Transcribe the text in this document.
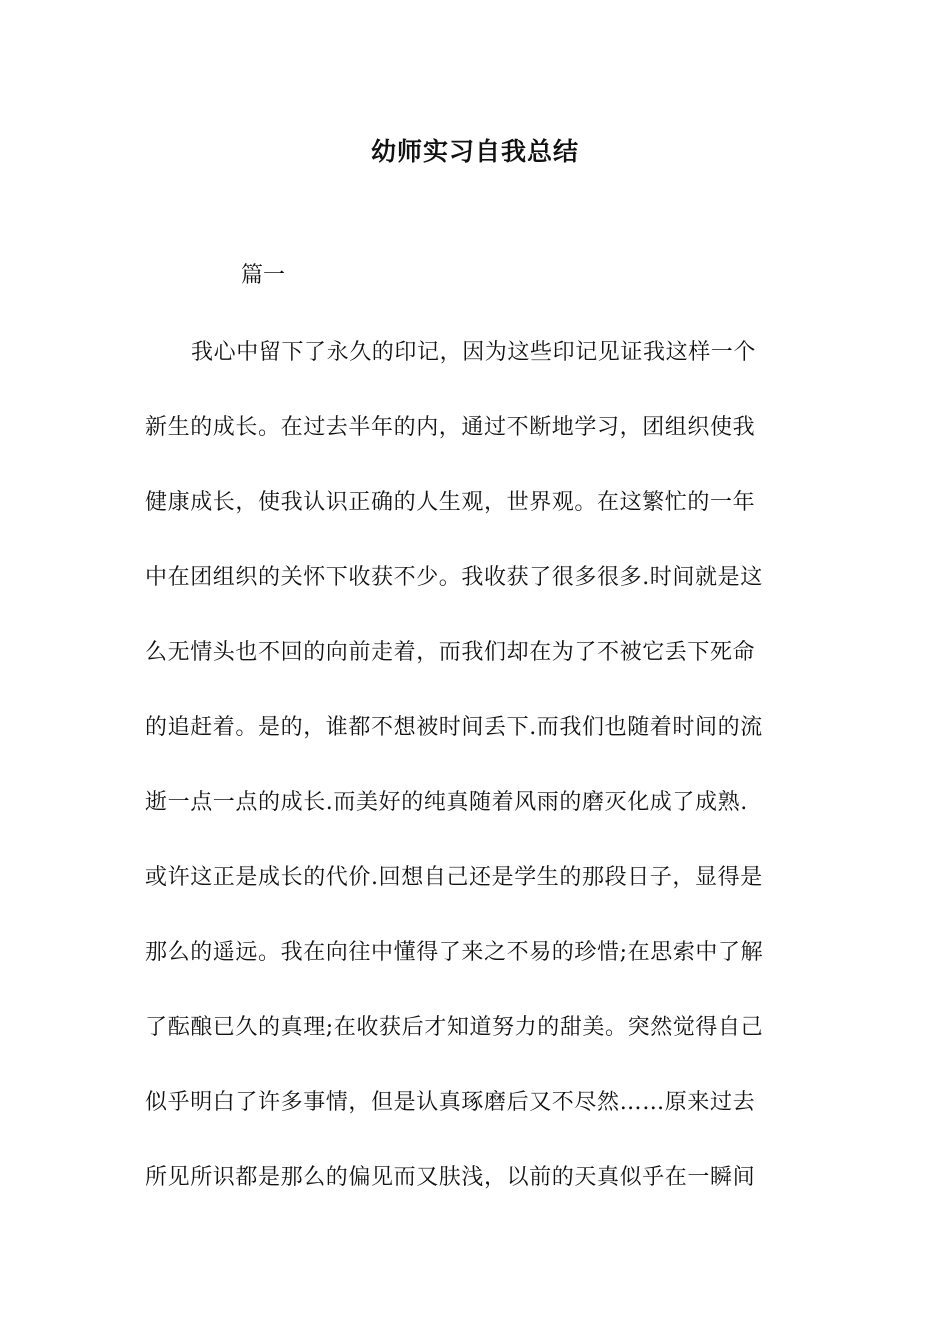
幼师实习自我总结
篇一
我心中留下了永久的印记，因为这些印记见证我这样一个
新生的成长。在过去半年的内，通过不断地学习，团组织使我
健康成长，使我认识正确的人生观，世界观。在这繁忙的一年
中在团组织的关怀下收获不少。我收获了很多很多.时间就是这
么无情头也不回的向前走着，而我们却在为了不被它丢下死命
的追赶着。是的，谁都不想被时间丢下.而我们也随着时间的流
逝一点一点的成长.而美好的纯真随着风雨的磨灭化成了成熟.
或许这正是成长的代价.回想自己还是学生的那段日子，显得是
那么的遥远。我在向往中懂得了来之不易的珍惜;在思索中了解
了酝酿已久的真理;在收获后才知道努力的甜美。突然觉得自己
似乎明白了许多事情，但是认真琢磨后又不尽然……原来过去
所见所识都是那么的偏见而又肤浅，以前的天真似乎在一瞬间
